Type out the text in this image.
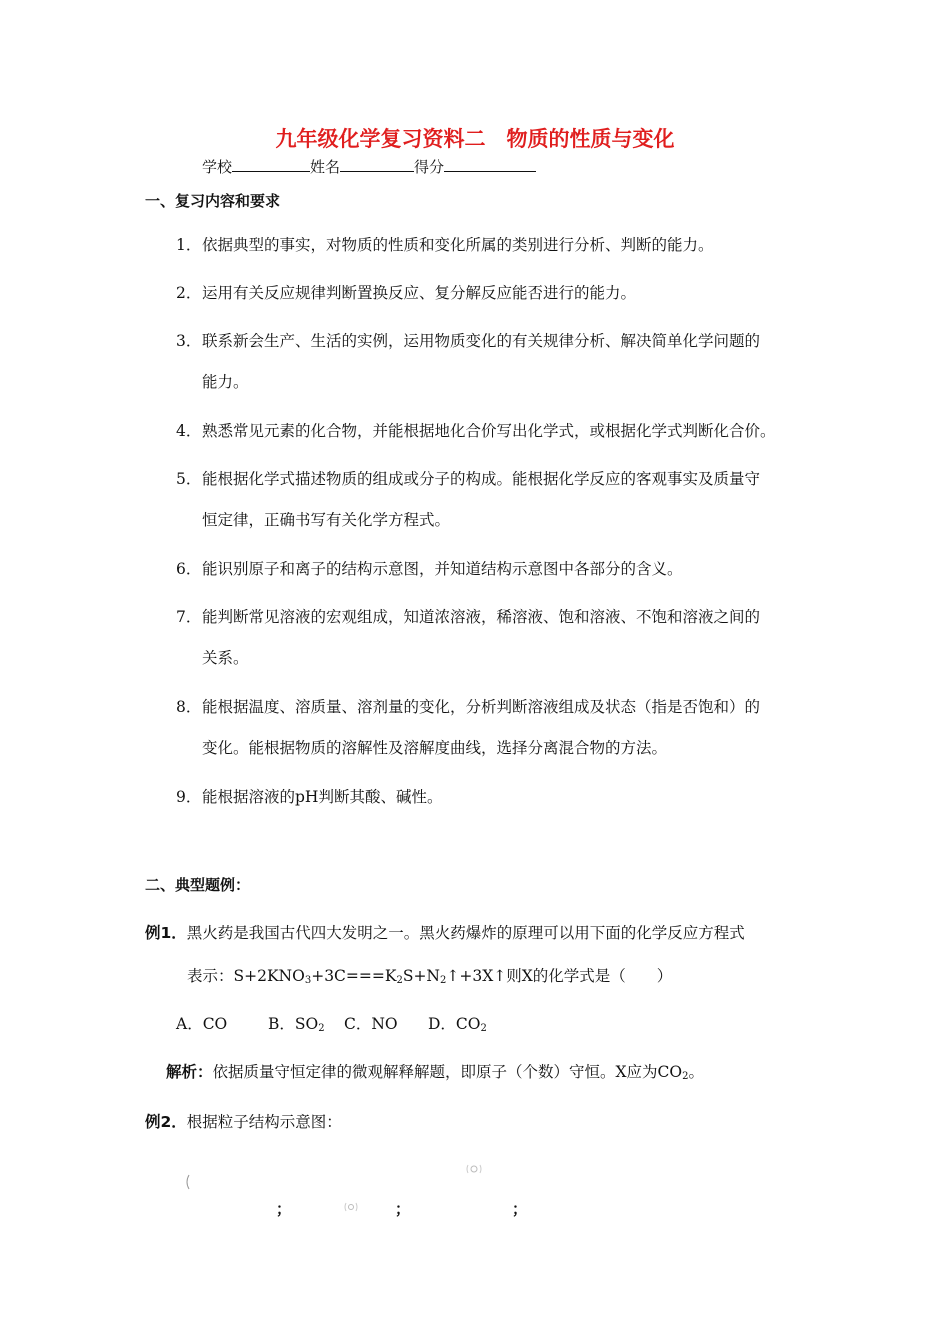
九年级化学复习资料二　物质的性质与变化
学校	姓名	得分
一、复习内容和要求
1．依据典型的事实，对物质的性质和变化所属的类别进行分析、判断的能力。
2．运用有关反应规律判断置换反应、复分解反应能否进行的能力。
3．联系新会生产、生活的实例，运用物质变化的有关规律分析、解决简单化学问题的
能力。
4．熟悉常见元素的化合物，并能根据地化合价写出化学式，或根据化学式判断化合价。
5．能根据化学式描述物质的组成或分子的构成。能根据化学反应的客观事实及质量守
恒定律，正确书写有关化学方程式。
6．能识别原子和离子的结构示意图，并知道结构示意图中各部分的含义。
7．能判断常见溶液的宏观组成，知道浓溶液，稀溶液、饱和溶液、不饱和溶液之间的
关系。
8．能根据温度、溶质量、溶剂量的变化，分析判断溶液组成及状态（指是否饱和）的
变化。能根据物质的溶解性及溶解度曲线，选择分离混合物的方法。
9．能根据溶液的pH判断其酸、碱性。
二、典型题例：
例1．黑火药是我国古代四大发明之一。黑火药爆炸的原理可以用下面的化学反应方程式
表示：$S+2KNO_3+3C===K_2S+N_2↑+3X↑$则X的化学式是（　　）
A．CO	B．$SO_2$ C．NO D．$CO_2$
解析：依据质量守恒定律的微观解释解题，即原子（个数）守恒。X应为$CO_2$。
例2．根据粒子结构示意图：
；	；	；
